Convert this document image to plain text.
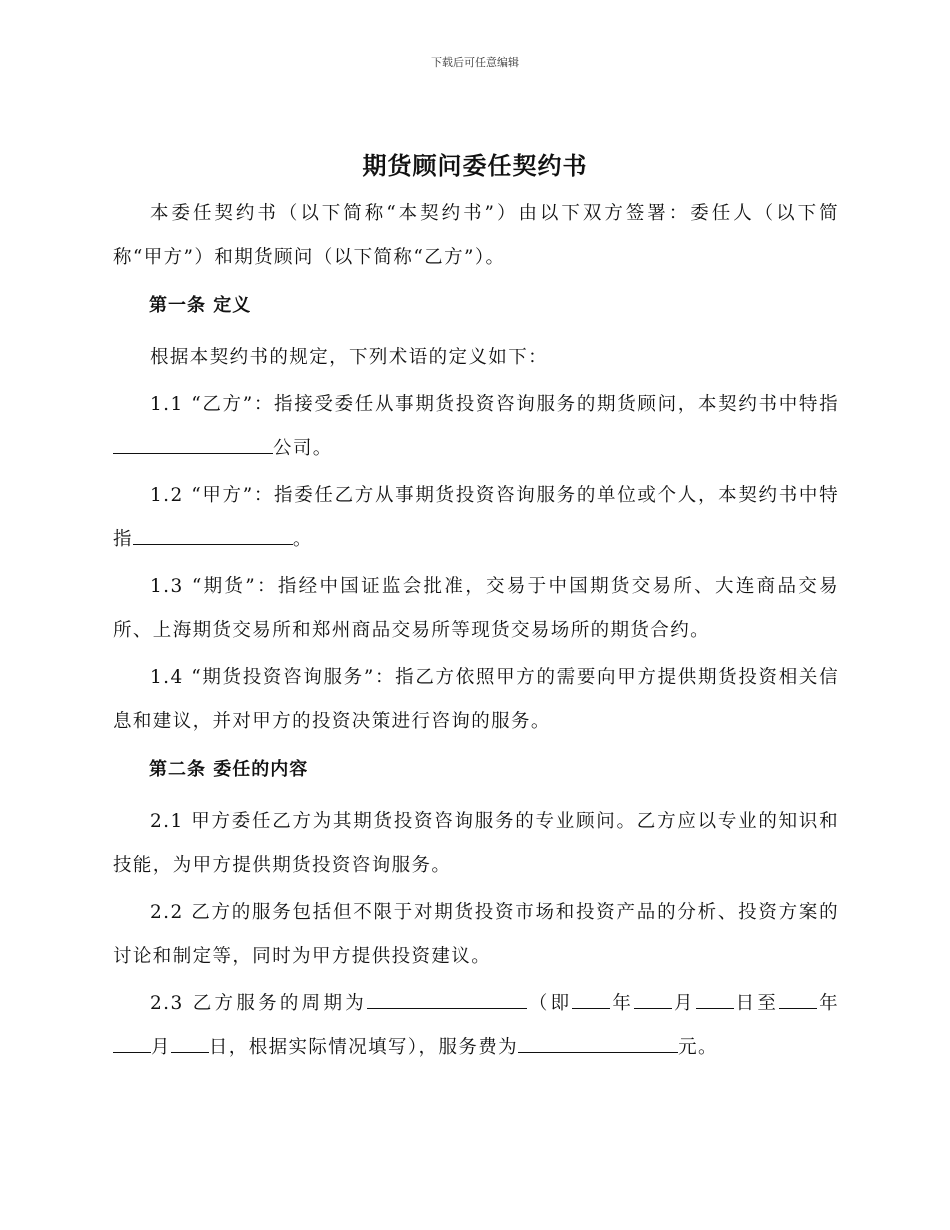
下载后可任意编辑
期货顾问委任契约书

本委任契约书（以下简称“本契约书”）由以下双方签署：委任人（以下简称“甲方”）和期货顾问（以下简称“乙方”）。

第一条 定义

根据本契约书的规定，下列术语的定义如下：

1.1 “乙方”：指接受委任从事期货投资咨询服务的期货顾问，本契约书中特指公司。

1.2 “甲方”：指委任乙方从事期货投资咨询服务的单位或个人，本契约书中特指	。

1.3 “期货”：指经中国证监会批准，交易于中国期货交易所、大连商品交易所、上海期货交易所和郑州商品交易所等现货交易场所的期货合约。

1.4 “期货投资咨询服务”：指乙方依照甲方的需要向甲方提供期货投资相关信息和建议，并对甲方的投资决策进行咨询的服务。

第二条 委任的内容

2.1 甲方委任乙方为其期货投资咨询服务的专业顾问。乙方应以专业的知识和技能，为甲方提供期货投资咨询服务。

2.2 乙方的服务包括但不限于对期货投资市场和投资产品的分析、投资方案的讨论和制定等，同时为甲方提供投资建议。

2.3 乙方服务的周期为	（即 年 月 日至 年月 日，根据实际情况填写），服务费为	元。
